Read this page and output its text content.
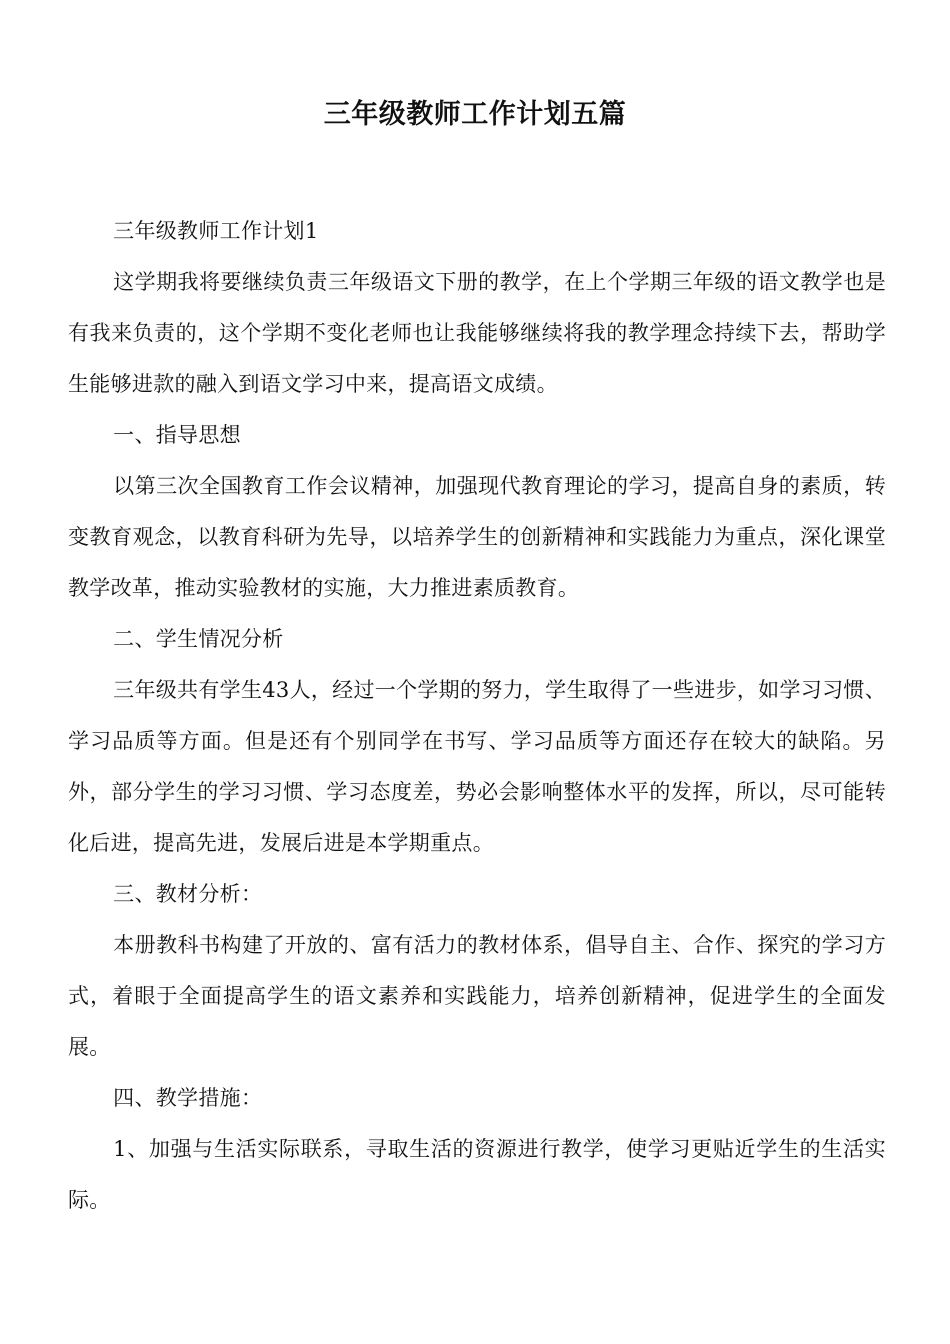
三年级教师工作计划五篇

三年级教师工作计划1

这学期我将要继续负责三年级语文下册的教学，在上个学期三年级的语文教学也是有我来负责的，这个学期不变化老师也让我能够继续将我的教学理念持续下去，帮助学生能够进款的融入到语文学习中来，提高语文成绩。

一、指导思想

以第三次全国教育工作会议精神，加强现代教育理论的学习，提高自身的素质，转变教育观念，以教育科研为先导，以培养学生的创新精神和实践能力为重点，深化课堂教学改革，推动实验教材的实施，大力推进素质教育。

二、学生情况分析

三年级共有学生43人，经过一个学期的努力，学生取得了一些进步，如学习习惯、学习品质等方面。但是还有个别同学在书写、学习品质等方面还存在较大的缺陷。另外，部分学生的学习习惯、学习态度差，势必会影响整体水平的发挥，所以，尽可能转化后进，提高先进，发展后进是本学期重点。

三、教材分析：

本册教科书构建了开放的、富有活力的教材体系，倡导自主、合作、探究的学习方式，着眼于全面提高学生的语文素养和实践能力，培养创新精神，促进学生的全面发展。

四、教学措施：

1、加强与生活实际联系，寻取生活的资源进行教学，使学习更贴近学生的生活实际。
